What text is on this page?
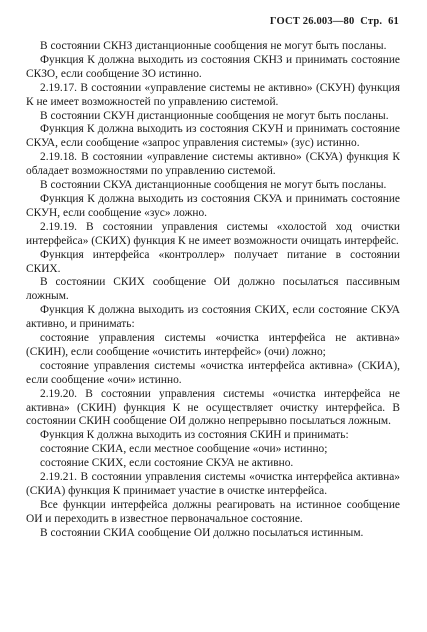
ГОСТ 26.003—80 Стр. 61

В состоянии СКНЗ дистанционные сообщения не могут быть посланы.

Функция К должна выходить из состояния СКНЗ и принимать состояние СКЗО, если сообщение ЗО истинно.

2.19.17. В состоянии «управление системы не активно» (СКУН) функция К не имеет возможностей по управлению системой.

В состоянии СКУН дистанционные сообщения не могут быть посланы.

Функция К должна выходить из состояния СКУН и принимать состояние СКУА, если сообщение «запрос управления системы» (зус) истинно.

2.19.18. В состоянии «управление системы активно» (СКУА) функция К обладает возможностями по управлению системой.

В состоянии СКУА дистанционные сообщения не могут быть посланы.

Функция К должна выходить из состояния СКУА и принимать состояние СКУН, если сообщение «зус» ложно.

2.19.19. В состоянии управления системы «холостой ход очистки интерфейса» (СКИХ) функция К не имеет возможности очищать интерфейс.

Функция интерфейса «контроллер» получает питание в состоянии СКИХ.

В состоянии СКИХ сообщение ОИ должно посылаться пассивным ложным.

Функция К должна выходить из состояния СКИХ, если состояние СКУА активно, и принимать:

состояние управления системы «очистка интерфейса не активна» (СКИН), если сообщение «очистить интерфейс» (очи) ложно;

состояние управления системы «очистка интерфейса активна» (СКИА), если сообщение «очи» истинно.

2.19.20. В состоянии управления системы «очистка интерфейса не активна» (СКИН) функция К не осуществляет очистку интерфейса. В состоянии СКИН сообщение ОИ должно непрерывно посылаться ложным.

Функция К должна выходить из состояния СКИН и принимать:

состояние СКИА, если местное сообщение «очи» истинно;

состояние СКИХ, если состояние СКУА не активно.

2.19.21. В состоянии управления системы «очистка интерфейса активна» (СКИА) функция К принимает участие в очистке интерфейса.

Все функции интерфейса должны реагировать на истинное сообщение ОИ и переходить в известное первоначальное состояние.

В состоянии СКИА сообщение ОИ должно посылаться истинным.
